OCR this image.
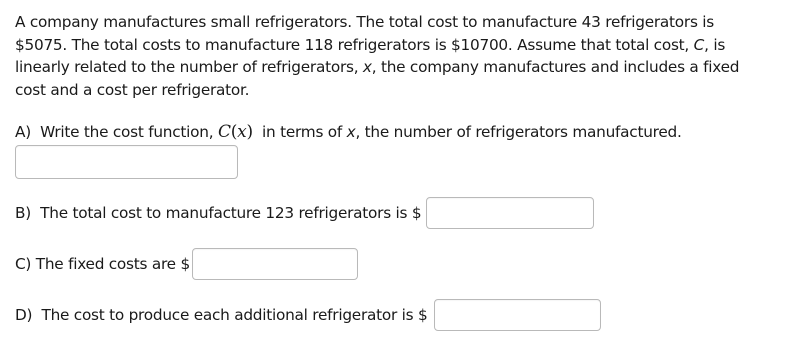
A company manufactures small refrigerators. The total cost to manufacture 43 refrigerators is

$5075. The total costs to manufacture 118 refrigerators is $10700. Assume that total cost, C, is

linearly related to the number of refrigerators, x, the company manufactures and includes a fixed

cost and a cost per refrigerator.

A)  Write the cost function, C(x) in terms of x , the number of refrigerators manufactured.
B)  The total cost to manufacture 123 refrigerators is $
C) The fixed costs are $
D)  The cost to produce each additional refrigerator is $
